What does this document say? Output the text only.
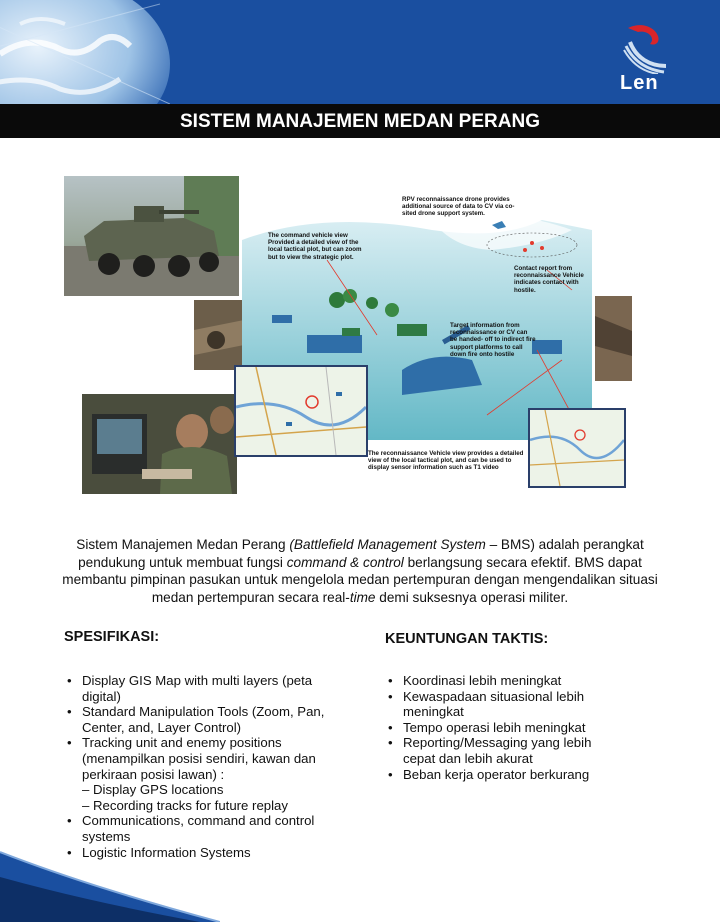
Len
SISTEM MANAJEMEN MEDAN PERANG
RPV reconnaissance drone provides additional source of data to CV via co-sited drone support system.
The command vehicle view Provided a detailed view of the local tactical plot, but can zoom but to view the strategic plot.
Contact report from reconnaissance Vehicle indicates contact with hostile.
Target information from reconnaissance or CV can be handed- off to indirect fire support platforms to call down fire onto hostile
The reconnaissance Vehicle view provides a detailed view of the local tactical plot, and can be used to display sensor information such as T1 video
Sistem Manajemen Medan Perang (Battlefield Management System – BMS) adalah perangkat pendukung untuk membuat fungsi command & control berlangsung secara efektif. BMS dapat membantu pimpinan pasukan untuk mengelola medan pertempuran dengan mengendalikan situasi medan pertempuran secara real-time demi suksesnya operasi militer.
SPESIFIKASI:
• Display GIS Map with multi layers (peta digital)
• Standard Manipulation Tools (Zoom, Pan, Center, and, Layer Control)
• Tracking unit and enemy positions (menampilkan posisi sendiri, kawan dan perkiraan posisi lawan) :
– Display GPS locations
– Recording tracks for future replay
• Communications, command and control systems
• Logistic Information Systems
KEUNTUNGAN TAKTIS:
• Koordinasi lebih meningkat
• Kewaspadaan situasional lebih meningkat
• Tempo operasi lebih meningkat
• Reporting/Messaging yang lebih cepat dan lebih akurat
• Beban kerja operator berkurang
